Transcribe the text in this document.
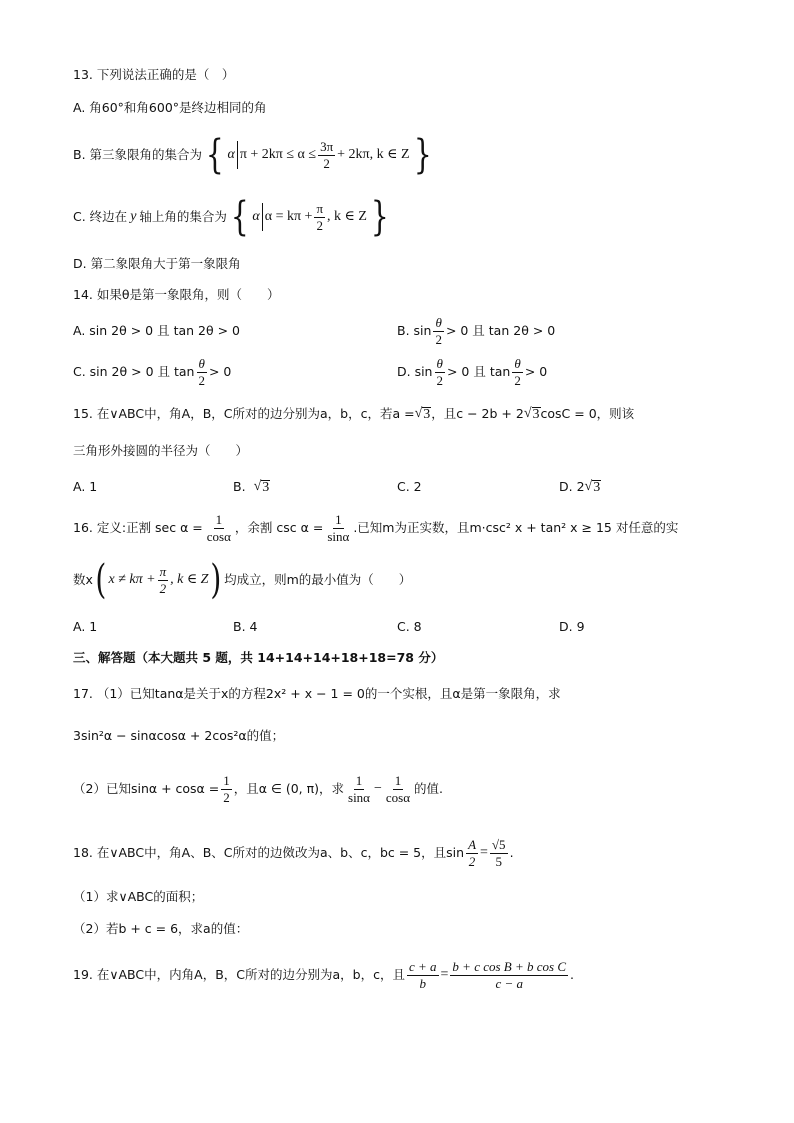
13. 下列说法正确的是（　）
A. 角60°和角600°是终边相同的角
B. 第三象限角的集合为 { α $\pi + 2k\pi \le \alpha \le \frac{3\pi}{2} + 2k\pi$, k ∈ Z }
C. 终边在 y 轴上角的集合为 { α $\alpha = k\pi + \frac{\pi}{2}$ , k ∈ Z }
D. 第二象限角大于第一象限角
14. 如果θ是第一象限角，则（　　）
A. sin 2θ > 0 且 tan 2θ > 0	B. $\sin \frac{\theta}{2} > 0$ 且 tan 2θ > 0
C. sin 2θ > 0 且 $\tan \frac{\theta}{2} > 0$	D. $\sin \frac{\theta}{2} > 0$ 且 $\tan \frac{\theta}{2} > 0$
15. 在∨ABC中，角A，B，C所对的边分别为a，b，c，若a = √ 3 ，且c − 2b + 2 √ 3 cosC = 0，则该
三角形外接圆的半径为（　　）
A. 1	B. √ 3	C. 2	D. 2 √ 3
16. 定义:正割 $\sec \alpha = \frac{1}{\cos\alpha}$ ，余割 $\csc \alpha = \frac{1}{\sin\alpha}$ .已知m为正实数，且m·csc² x + tan² x ≥ 15 对任意的实
数x ( $x \ne k\pi + \frac{\pi}{2}$ , k ∈ Z ) 均成立，则m的最小值为（　　）
A. 1	B. 4	C. 8	D. 9
三、解答题（本大题共 5 题，共 14+14+14+18+18=78 分）
17. （1）已知tanα是关于x的方程2x² + x − 1 = 0的一个实根，且α是第一象限角，求
3sin²α − sinαcosα + 2cos²α的值；
（2）已知$\sin\alpha + \cos\alpha = \frac{1}{2}$ ，且α ∈ (0, π)，求 $\frac{1}{\sin\alpha} - \frac{1}{\cos\alpha}$ 的值.
18. 在∨ABC中，角A、B、C所对的边傚改为a、b、c，bc = 5，且$\sin \frac{A}{2} = \frac{√5}{5}$ .
（1）求∨ABC的面积；
（2）若b + c = 6，求a的值：
19. 在∨ABC中，内角A，B，C所对的边分别为a，b，c，且 $\frac{c + a}{b} = \frac{\text{b + c cos B + b cos C}}{c - a}$ .
